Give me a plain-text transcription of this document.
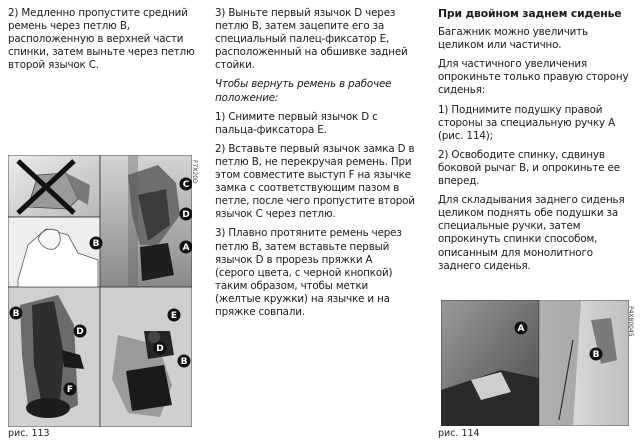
2) Медленно пропустите средний ремень через петлю B, расположенную в верхней части спинки, затем выньте через петлю второй язычок C.

C
D
A
B
B
D
F
E
D
B
F7X20D
рис. 113

3) Выньте первый язычок D через петлю B, затем зацепите его за специальный палец-фиксатор E, расположенный на обшивке задней стойки.

Чтобы вернуть ремень в рабочее положение:

1) Снимите первый язычок D с пальца-фиксатора E.

2) Вставьте первый язычок замка D в петлю B, не перекручая ремень. При этом совместите выступ F на язычке замка с соответствующим пазом в петле, после чего пропустите второй язычок C через петлю.

3) Плавно протяните ремень через петлю B, затем вставьте первый язычок D в прорезь пряжки A (серого цвета, с черной кнопкой) таким образом, чтобы метки (желтые кружки) на язычке и на пряжке совпали.

При двойном заднем сиденье

Багажник можно увеличить целиком или частично.

Для частичного увеличения опрокиньте только правую сторону сиденья:

1) Поднимите подушку правой стороны за специальную ручку A (рис. 114);

2) Освободите спинку, сдвинув боковой рычаг B, и опрокиньте ее вперед.

Для складывания заднего сиденья целиком поднять обе подушки за специальные ручки, затем опрокинуть спинки способом, описанным для монолитного заднего сиденья.

A
B
P4X80045
рис. 114
